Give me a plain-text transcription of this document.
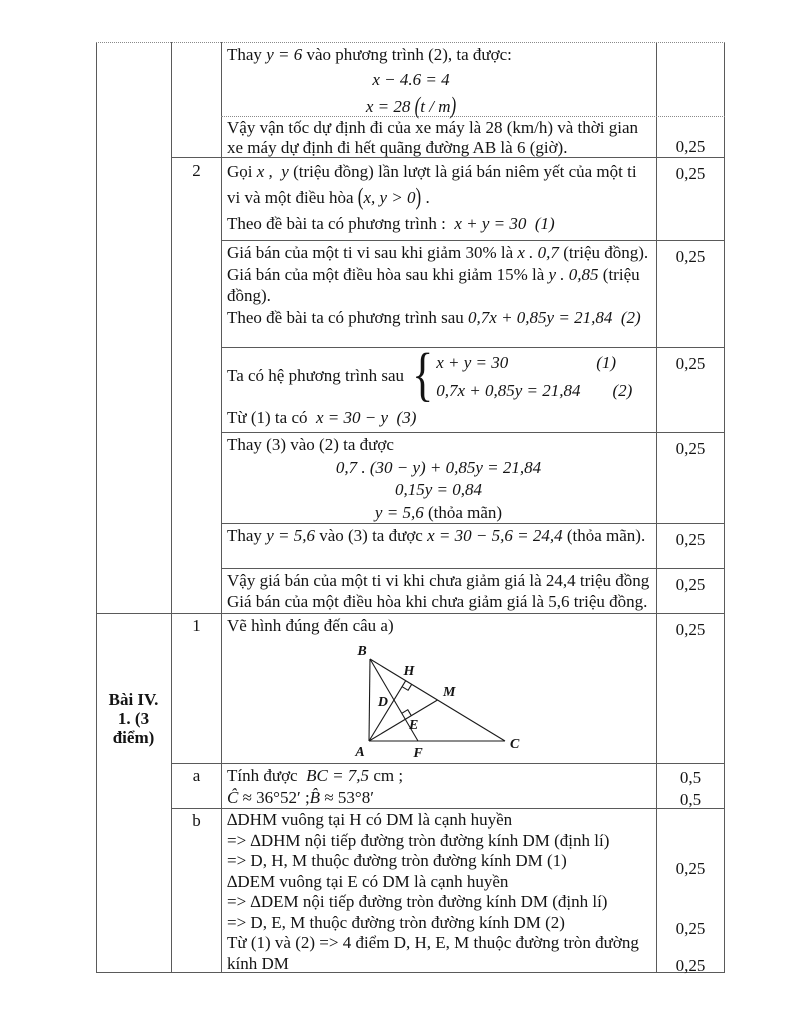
Bài IV.
1. (3
điểm)
2
1
a
b

Thay y = 6 vào phương trình (2), ta được:

x − 4.6 = 4

x = 28 (t / m)

Vậy vận tốc dự định đi của xe máy là 28 (km/h) và thời gian xe máy dự định đi hết quãng đường AB là 6 (giờ).

Gọi x ,  y (triệu đồng) lần lượt là giá bán niêm yết của một ti vi và một điều hòa (x, y > 0) .

Theo đề bài ta có phương trình :  x + y = 30  (1)

Giá bán của một ti vi sau khi giảm 30% là x . 0,7 (triệu đồng).

Giá bán của một điều hòa sau khi giảm 15% là y . 0,85 (triệu đồng).

Theo đề bài ta có phương trình sau 0,7x + 0,85y = 21,84  (2)

Ta có hệ phương trình sau { x + y = 30	(1)
0,7x + 0,85y = 21,84 (2)

Từ (1) ta có  x = 30 − y  (3)

Thay (3) vào (2) ta được

0,7 . (30 − y) + 0,85y = 21,84

0,15y = 0,84

y = 5,6 (thỏa mãn)

Thay y = 5,6 vào (3) ta được x = 30 − 5,6 = 24,4 (thỏa mãn).

Vậy giá bán của một ti vi khi chưa giảm giá là 24,4 triệu đồng

Giá bán của một điều hòa khi chưa giảm giá là 5,6 triệu đồng.

Vẽ hình đúng đến câu a)

B
H
M
D
E
A	F
C

Tính được  BC = 7,5 cm ;

Ĉ ≈ 36°52′ ;B̂ ≈ 53°8′

∆DHM vuông tại H có DM là cạnh huyền

=> ∆DHM nội tiếp đường tròn đường kính DM (định lí)

=> D, H, M thuộc đường tròn đường kính DM (1)

∆DEM vuông tại E có DM là cạnh huyền

=> ∆DEM nội tiếp đường tròn đường kính DM (định lí)

=> D, E, M thuộc đường tròn đường kính DM (2)

Từ (1) và (2) => 4 điểm D, H, E, M thuộc đường tròn đường kính DM

0,25
0,25
0,25
0,25
0,25
0,25
0,25
0,25
0,5
0,5
0,25
0,25
0,25
